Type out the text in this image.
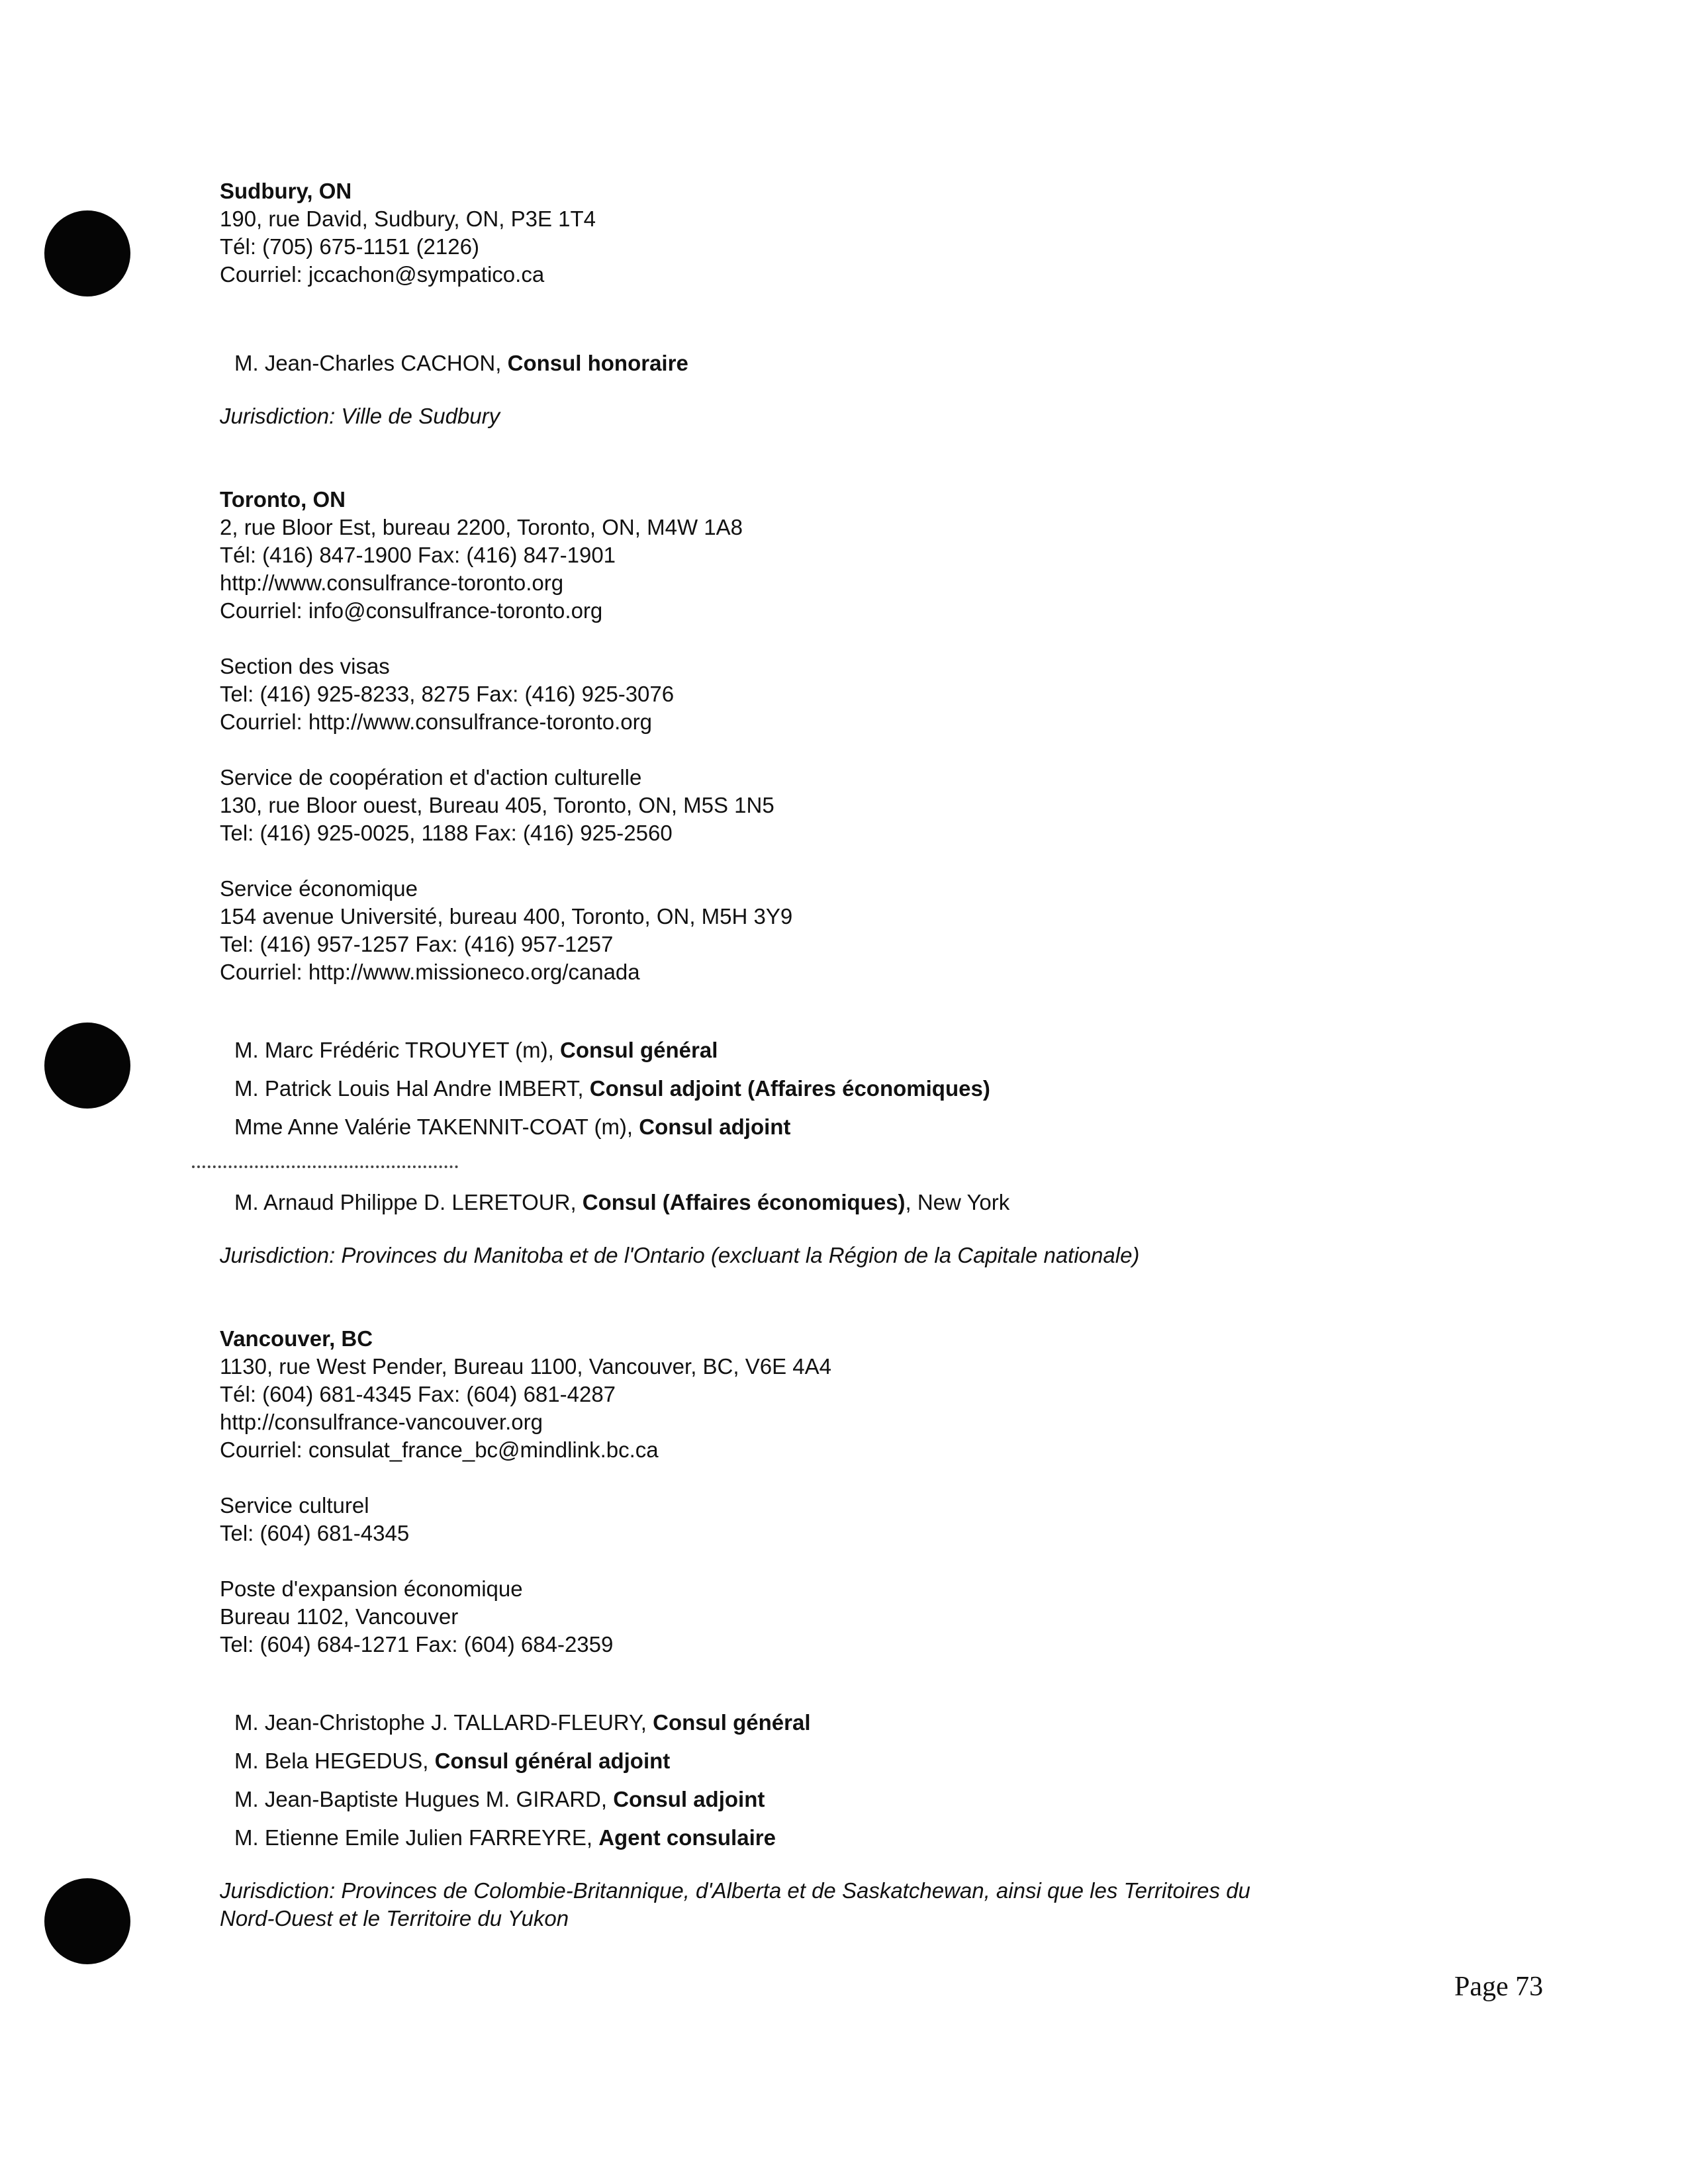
Sudbury, ON
190, rue David, Sudbury, ON, P3E 1T4
Tél: (705) 675-1151 (2126)
Courriel: jccachon@sympatico.ca
M. Jean-Charles CACHON, Consul honoraire
Jurisdiction: Ville de Sudbury
Toronto, ON
2, rue Bloor Est, bureau 2200, Toronto, ON, M4W 1A8
Tél: (416) 847-1900 Fax: (416) 847-1901
http://www.consulfrance-toronto.org
Courriel: info@consulfrance-toronto.org
Section des visas
Tel: (416) 925-8233, 8275 Fax: (416) 925-3076
Courriel: http://www.consulfrance-toronto.org
Service de coopération et d'action culturelle
130, rue Bloor ouest, Bureau 405, Toronto, ON, M5S 1N5
Tel: (416) 925-0025, 1188 Fax: (416) 925-2560
Service économique
154 avenue Université, bureau 400, Toronto, ON, M5H 3Y9
Tel: (416) 957-1257 Fax: (416) 957-1257
Courriel: http://www.missioneco.org/canada
M. Marc Frédéric TROUYET (m), Consul général
M. Patrick Louis Hal Andre IMBERT, Consul adjoint (Affaires économiques)
Mme Anne Valérie TAKENNIT-COAT (m), Consul adjoint
M. Arnaud Philippe D. LERETOUR, Consul (Affaires économiques), New York
Jurisdiction: Provinces du Manitoba et de l'Ontario (excluant la Région de la Capitale nationale)
Vancouver, BC
1130, rue West Pender, Bureau 1100, Vancouver, BC, V6E 4A4
Tél: (604) 681-4345 Fax: (604) 681-4287
http://consulfrance-vancouver.org
Courriel: consulat_france_bc@mindlink.bc.ca
Service culturel
Tel: (604) 681-4345
Poste d'expansion économique
Bureau 1102, Vancouver
Tel: (604) 684-1271 Fax: (604) 684-2359
M. Jean-Christophe J. TALLARD-FLEURY, Consul général
M. Bela HEGEDUS, Consul général adjoint
M. Jean-Baptiste Hugues M. GIRARD, Consul adjoint
M. Etienne Emile Julien FARREYRE, Agent consulaire
Jurisdiction: Provinces de Colombie-Britannique, d'Alberta et de Saskatchewan, ainsi que les Territoires du
Nord-Ouest et le Territoire du Yukon
Page 73
